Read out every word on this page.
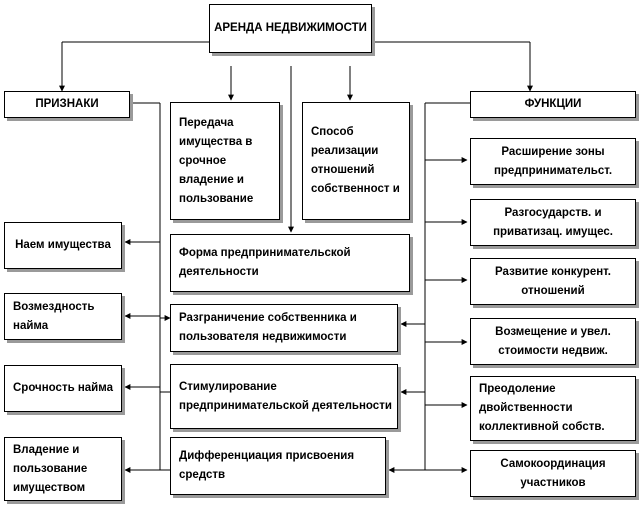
АРЕНДА НЕДВИЖИМОСТИ
ПРИЗНАКИ	ФУНКЦИИ
Передача имущества в срочное владение и пользование
Способ реализации отношений собственност и
Форма предпринимательской деятельности
Разграничение собственника и пользователя недвижимости
Стимулирование предпринимательской деятельности
Дифференциация присвоения средств
Наем имущества
Возмездность найма
Срочность найма
Владение и пользование имуществом
Расширение зоны предпринимательст.
Разгосударств. и приватизац. имущес.
Развитие конкурент. отношений
Возмещение и увел. стоимости недвиж.
Преодоление двойственности коллективной собств.
Самокоординация участников
